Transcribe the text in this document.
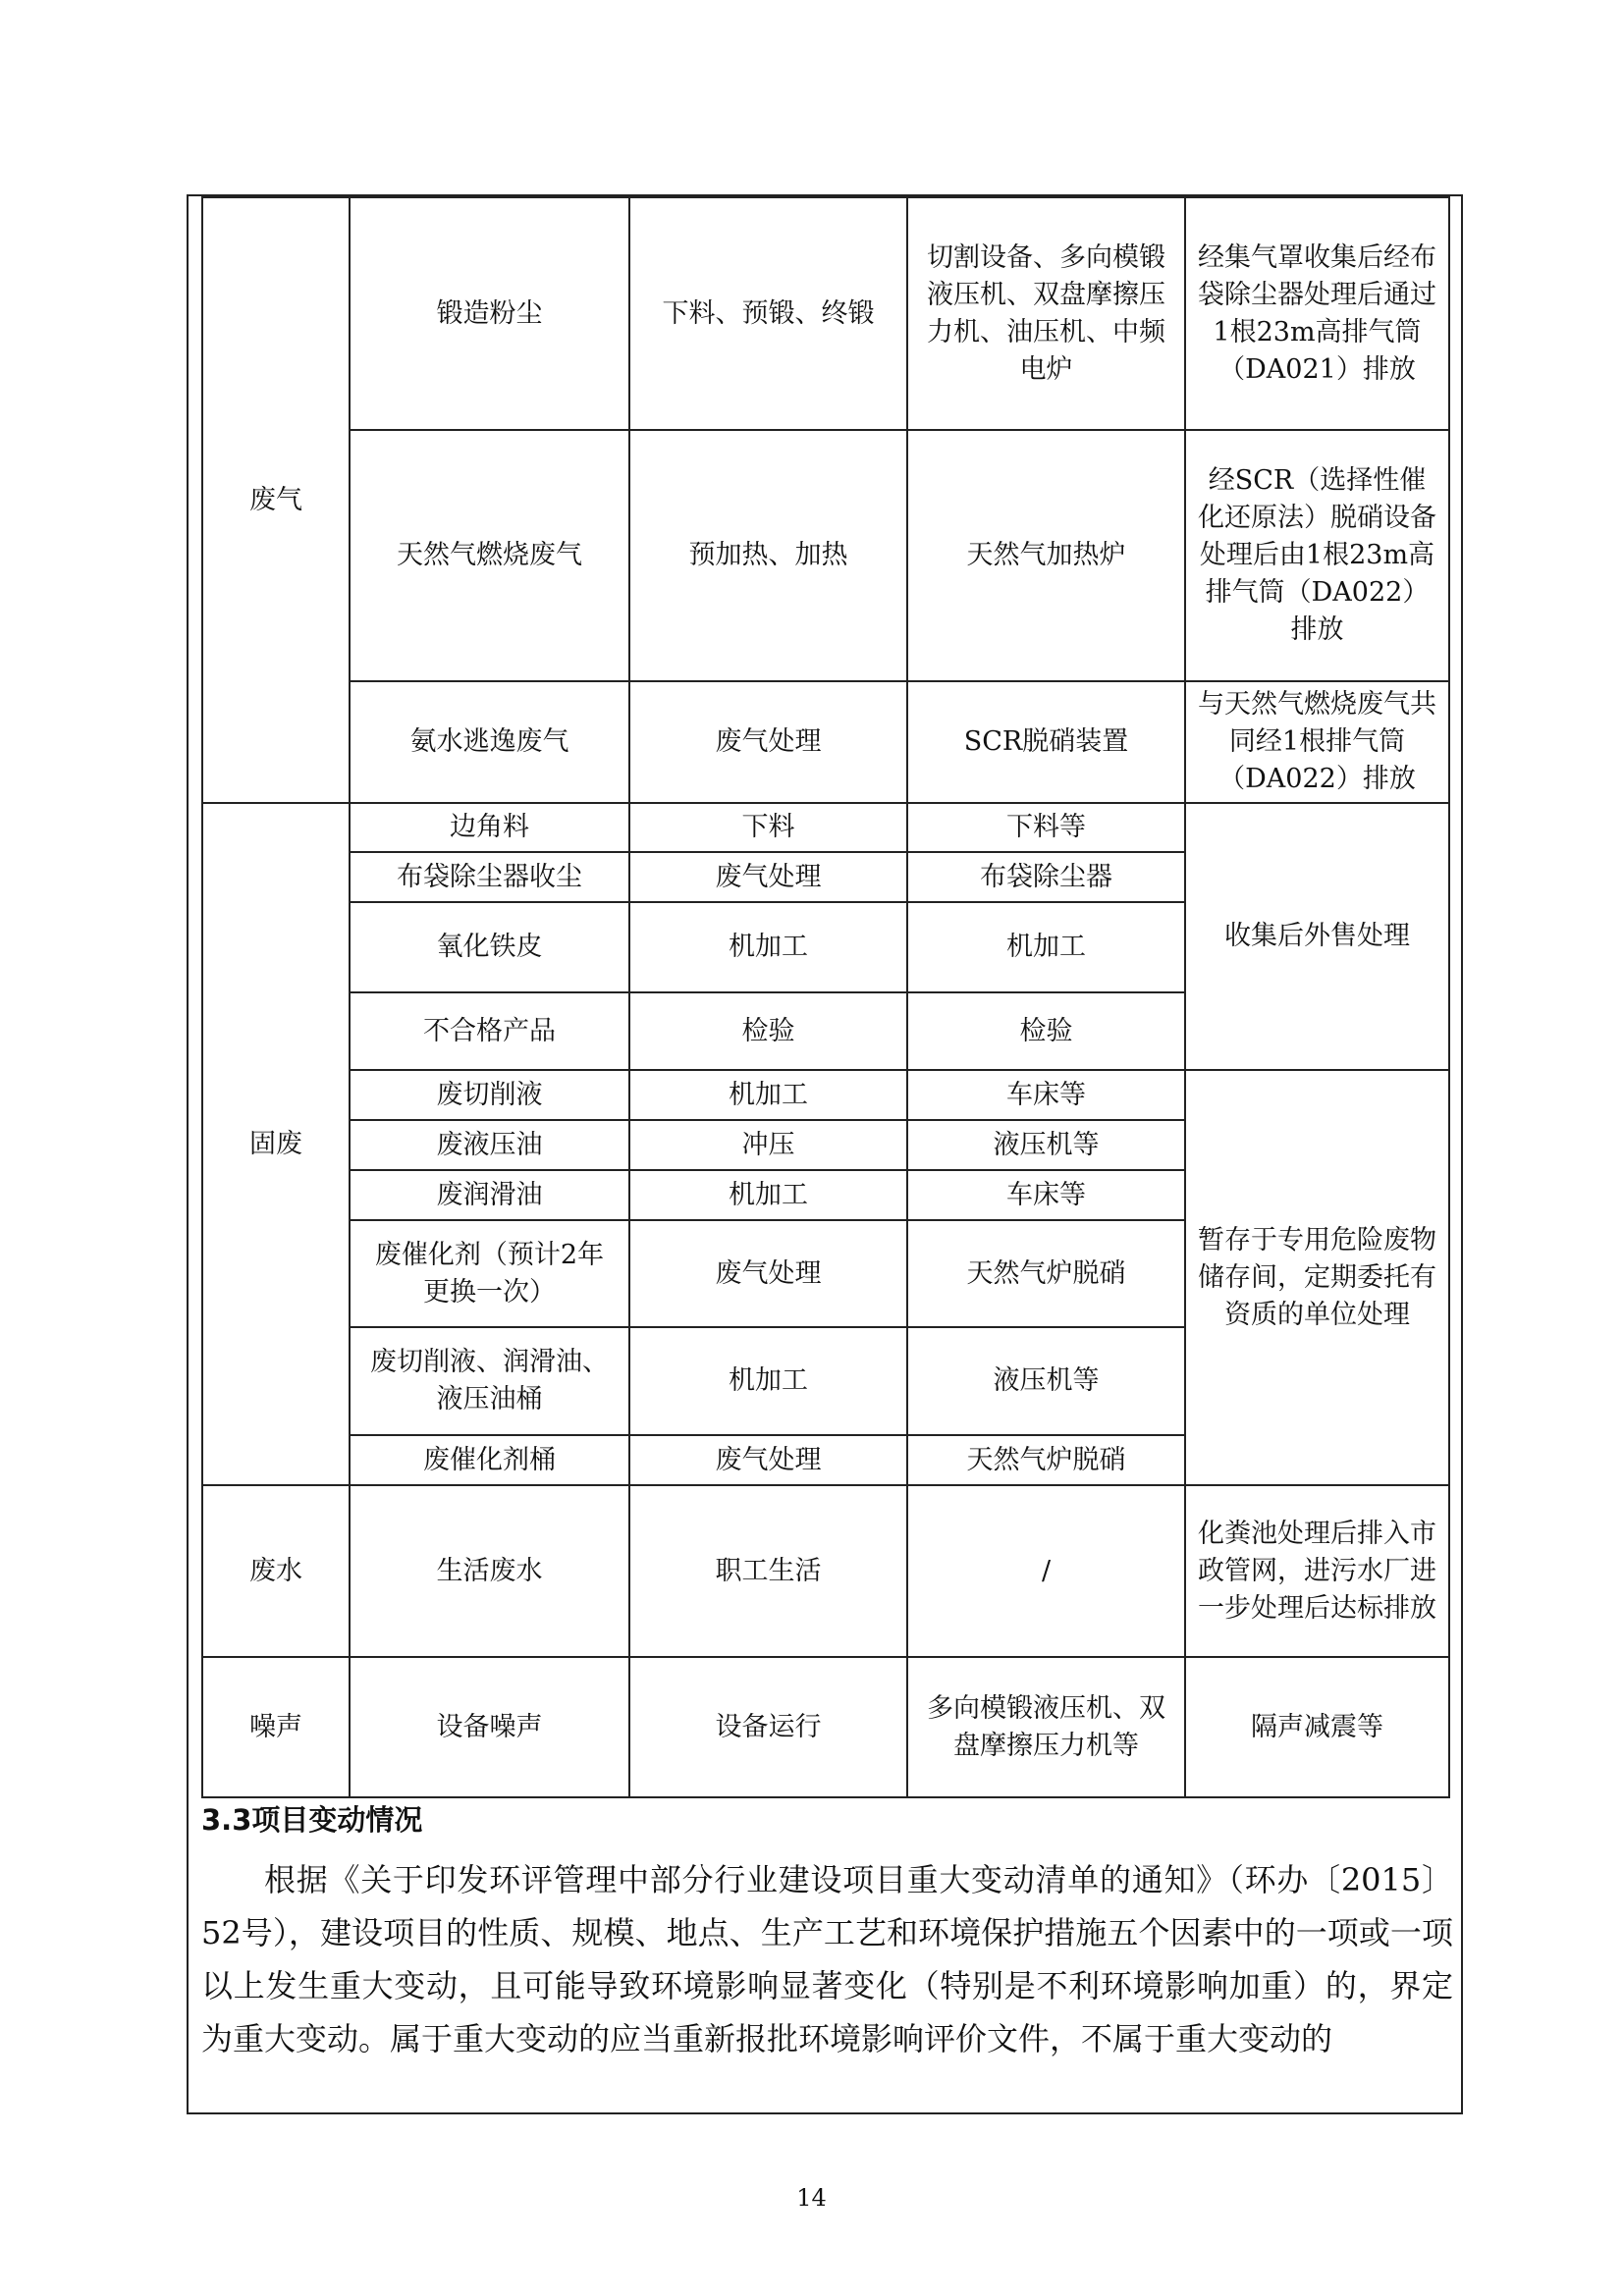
废气	锻造粉尘	下料、预锻、终锻	切割设备、多向模锻液压机、双盘摩擦压力机、油压机、中频电炉	经集气罩收集后经布袋除尘器处理后通过1根23m高排气筒（DA021）排放
	天然气燃烧废气	预加热、加热	天然气加热炉	经SCR（选择性催化还原法）脱硝设备处理后由1根23m高排气筒（DA022）排放
	氨水逃逸废气	废气处理	SCR脱硝装置	与天然气燃烧废气共同经1根排气筒（DA022）排放
固废	边角料	下料	下料等	收集后外售处理
	布袋除尘器收尘	废气处理	布袋除尘器	
	氧化铁皮	机加工	机加工	
	不合格产品	检验	检验	
	废切削液	机加工	车床等	暂存于专用危险废物储存间，定期委托有资质的单位处理
	废液压油	冲压	液压机等	
	废润滑油	机加工	车床等	
	废催化剂（预计2年更换一次）	废气处理	天然气炉脱硝	
	废切削液、润滑油、液压油桶	机加工	液压机等	
	废催化剂桶	废气处理	天然气炉脱硝	
废水	生活废水	职工生活	/	化粪池处理后排入市政管网，进污水厂进一步处理后达标排放
噪声	设备噪声	设备运行	多向模锻液压机、双盘摩擦压力机等	隔声减震等
3.3项目变动情况

根据《关于印发环评管理中部分行业建设项目重大变动清单的通知》（环办〔2015〕52号），建设项目的性质、规模、地点、生产工艺和环境保护措施五个因素中的一项或一项以上发生重大变动，且可能导致环境影响显著变化（特别是不利环境影响加重）的，界定为重大变动。属于重大变动的应当重新报批环境影响评价文件，不属于重大变动的

14
